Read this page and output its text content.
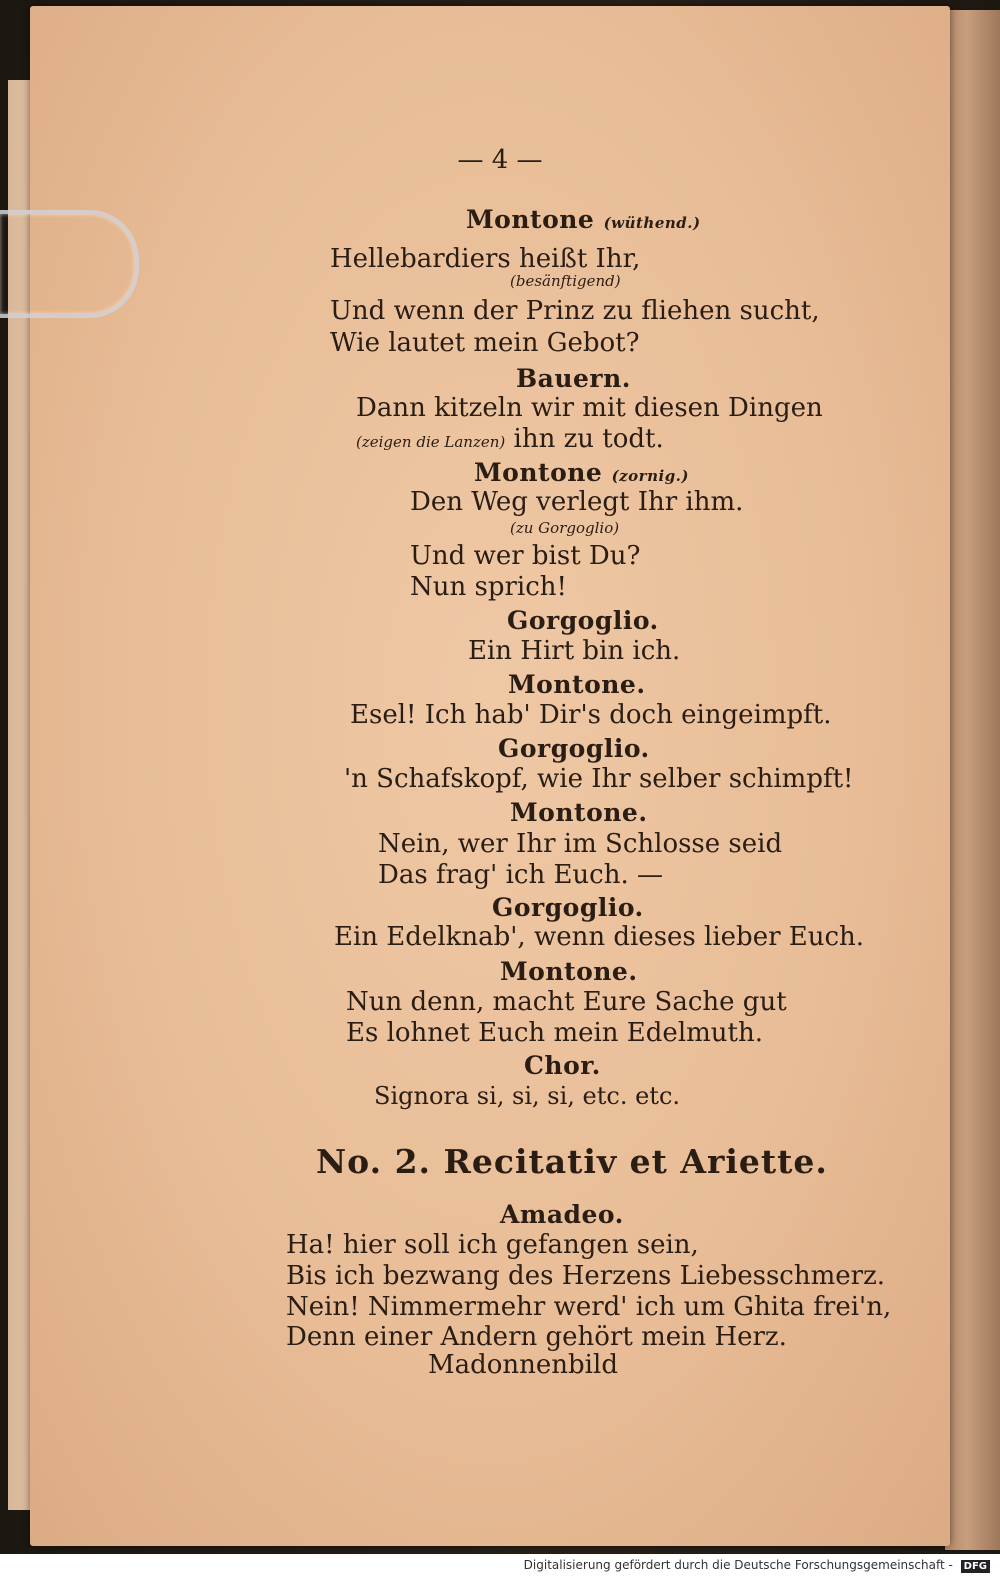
— 4 —
Montone (wüthend.)
Hellebardiers heißt Ihr,
(besänftigend)
Und wenn der Prinz zu fliehen sucht,
Wie lautet mein Gebot?
Bauern.
Dann kitzeln wir mit diesen Dingen
(zeigen die Lanzen) ihn zu todt.
Montone (zornig.)
Den Weg verlegt Ihr ihm.
(zu Gorgoglio)
Und wer bist Du?
Nun sprich!
Gorgoglio.
Ein Hirt bin ich.
Montone.
Esel! Ich hab' Dir's doch eingeimpft.
Gorgoglio.
'n Schafskopf, wie Ihr selber schimpft!
Montone.
Nein, wer Ihr im Schlosse seid
Das frag' ich Euch. —
Gorgoglio.
Ein Edelknab', wenn dieses lieber Euch.
Montone.
Nun denn, macht Eure Sache gut
Es lohnet Euch mein Edelmuth.
Chor.
Signora si, si, si, etc. etc.
No. 2. Recitativ et Ariette.
Amadeo.
Ha! hier soll ich gefangen sein,
Bis ich bezwang des Herzens Liebesschmerz.
Nein! Nimmermehr werd' ich um Ghita frei'n,
Denn einer Andern gehört mein Herz.
Madonnenbild
Digitalisierung gefördert durch die Deutsche Forschungsgemeinschaft - DFG
